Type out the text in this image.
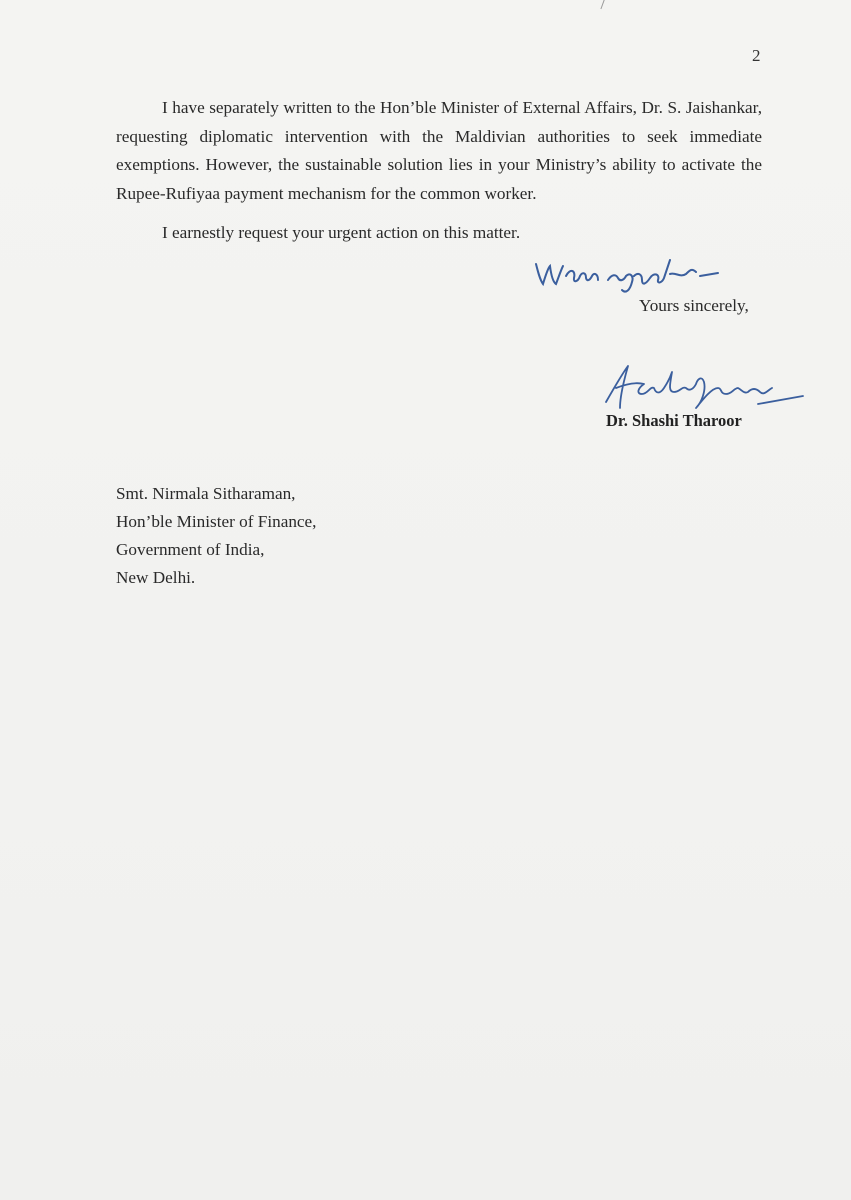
2

I have separately written to the Hon’ble Minister of External Affairs, Dr. S. Jaishankar, requesting diplomatic intervention with the Maldivian authorities to seek immediate exemptions. However, the sustainable solution lies in your Ministry’s ability to activate the Rupee-Rufiyaa payment mechanism for the common worker.

I earnestly request your urgent action on this matter.

Yours sincerely,
Dr. Shashi Tharoor
Smt. Nirmala Sitharaman,
Hon’ble Minister of Finance,
Government of India,
New Delhi.
